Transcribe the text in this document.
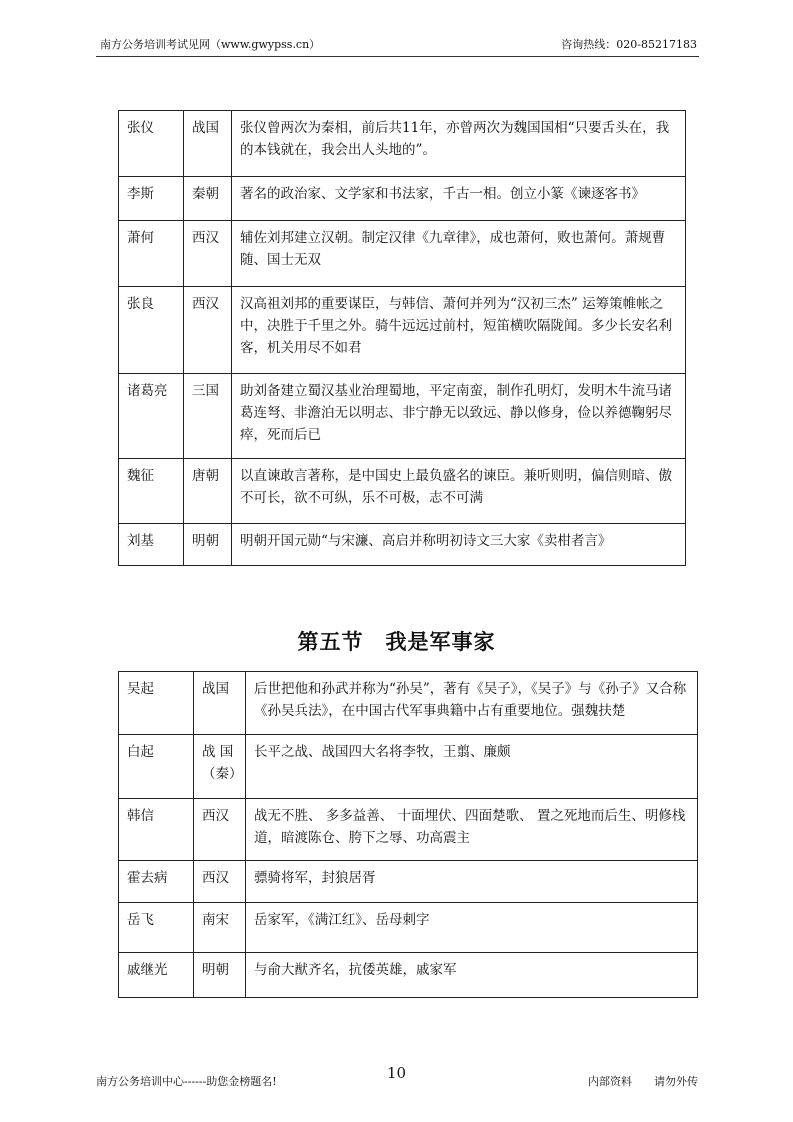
南方公务培训考试见网（www.gwypss.cn）	咨询热线：020-85217183
张仪	战国	张仪曾两次为秦相，前后共11年，亦曾两次为魏国国相“只要舌头在，我的本钱就在，我会出人头地的”。
李斯	秦朝	著名的政治家、文学家和书法家，千古一相。创立小篆《谏逐客书》
萧何	西汉	辅佐刘邦建立汉朝。制定汉律《九章律》，成也萧何，败也萧何。萧规曹随、国士无双
张良	西汉	汉高祖刘邦的重要谋臣，与韩信、萧何并列为“汉初三杰” 运筹策帷帐之中，决胜于千里之外。骑牛远远过前村，短笛横吹隔陇闻。多少长安名利客，机关用尽不如君
诸葛亮	三国	助刘备建立蜀汉基业治理蜀地，平定南蛮，制作孔明灯，发明木牛流马诸葛连弩、非澹泊无以明志、非宁静无以致远、静以修身，俭以养德鞠躬尽瘁，死而后已
魏征	唐朝	以直谏敢言著称，是中国史上最负盛名的谏臣。兼听则明，偏信则暗、傲不可长，欲不可纵，乐不可极，志不可满
刘基	明朝	明朝开国元勋“与宋濂、高启并称明初诗文三大家《卖柑者言》
第五节　我是军事家
吴起	战国	后世把他和孙武并称为“孙吴”，著有《吴子》，《吴子》与《孙子》又合称《孙吴兵法》，在中国古代军事典籍中占有重要地位。强魏扶楚
白起	战 国（秦）	长平之战、战国四大名将李牧，王翦、廉颇
韩信	西汉	战无不胜、 多多益善、 十面埋伏、四面楚歌、 置之死地而后生、明修栈道，暗渡陈仓、胯下之辱、功高震主
霍去病	西汉	骠骑将军，封狼居胥
岳飞	南宋	岳家军，《满江红》、岳母刺字
戚继光	明朝	与俞大猷齐名，抗倭英雄，戚家军
10
南方公务培训中心------助您金榜题名!	内部资料　　请勿外传
